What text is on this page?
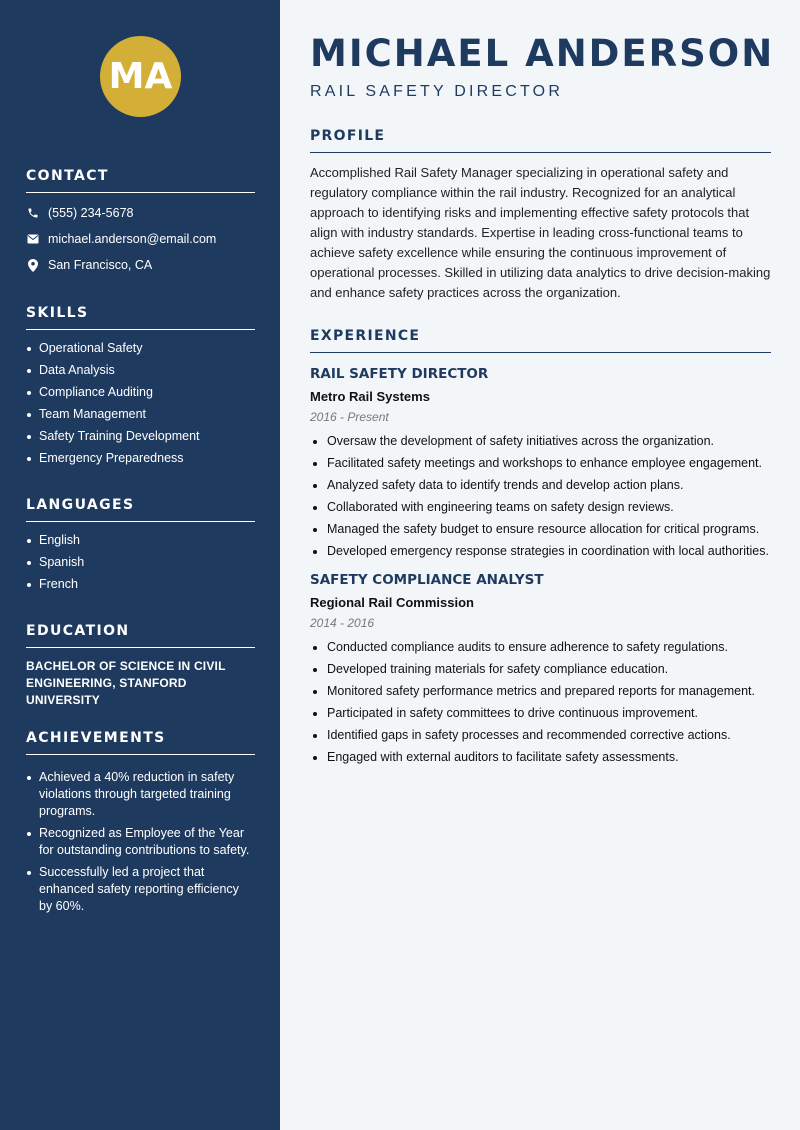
MA
CONTACT
(555) 234-5678
michael.anderson@email.com
San Francisco, CA
SKILLS
Operational Safety
Data Analysis
Compliance Auditing
Team Management
Safety Training Development
Emergency Preparedness
LANGUAGES
English
Spanish
French
EDUCATION
BACHELOR OF SCIENCE IN CIVIL ENGINEERING, STANFORD UNIVERSITY
ACHIEVEMENTS
Achieved a 40% reduction in safety violations through targeted training programs.
Recognized as Employee of the Year for outstanding contributions to safety.
Successfully led a project that enhanced safety reporting efficiency by 60%.
MICHAEL ANDERSON
RAIL SAFETY DIRECTOR
PROFILE

Accomplished Rail Safety Manager specializing in operational safety and regulatory compliance within the rail industry. Recognized for an analytical approach to identifying risks and implementing effective safety protocols that align with industry standards. Expertise in leading cross-functional teams to achieve safety excellence while ensuring the continuous improvement of operational processes. Skilled in utilizing data analytics to drive decision-making and enhance safety practices across the organization.

EXPERIENCE
RAIL SAFETY DIRECTOR
Metro Rail Systems
2016 - Present
Oversaw the development of safety initiatives across the organization.
Facilitated safety meetings and workshops to enhance employee engagement.
Analyzed safety data to identify trends and develop action plans.
Collaborated with engineering teams on safety design reviews.
Managed the safety budget to ensure resource allocation for critical programs.
Developed emergency response strategies in coordination with local authorities.
SAFETY COMPLIANCE ANALYST
Regional Rail Commission
2014 - 2016
Conducted compliance audits to ensure adherence to safety regulations.
Developed training materials for safety compliance education.
Monitored safety performance metrics and prepared reports for management.
Participated in safety committees to drive continuous improvement.
Identified gaps in safety processes and recommended corrective actions.
Engaged with external auditors to facilitate safety assessments.
